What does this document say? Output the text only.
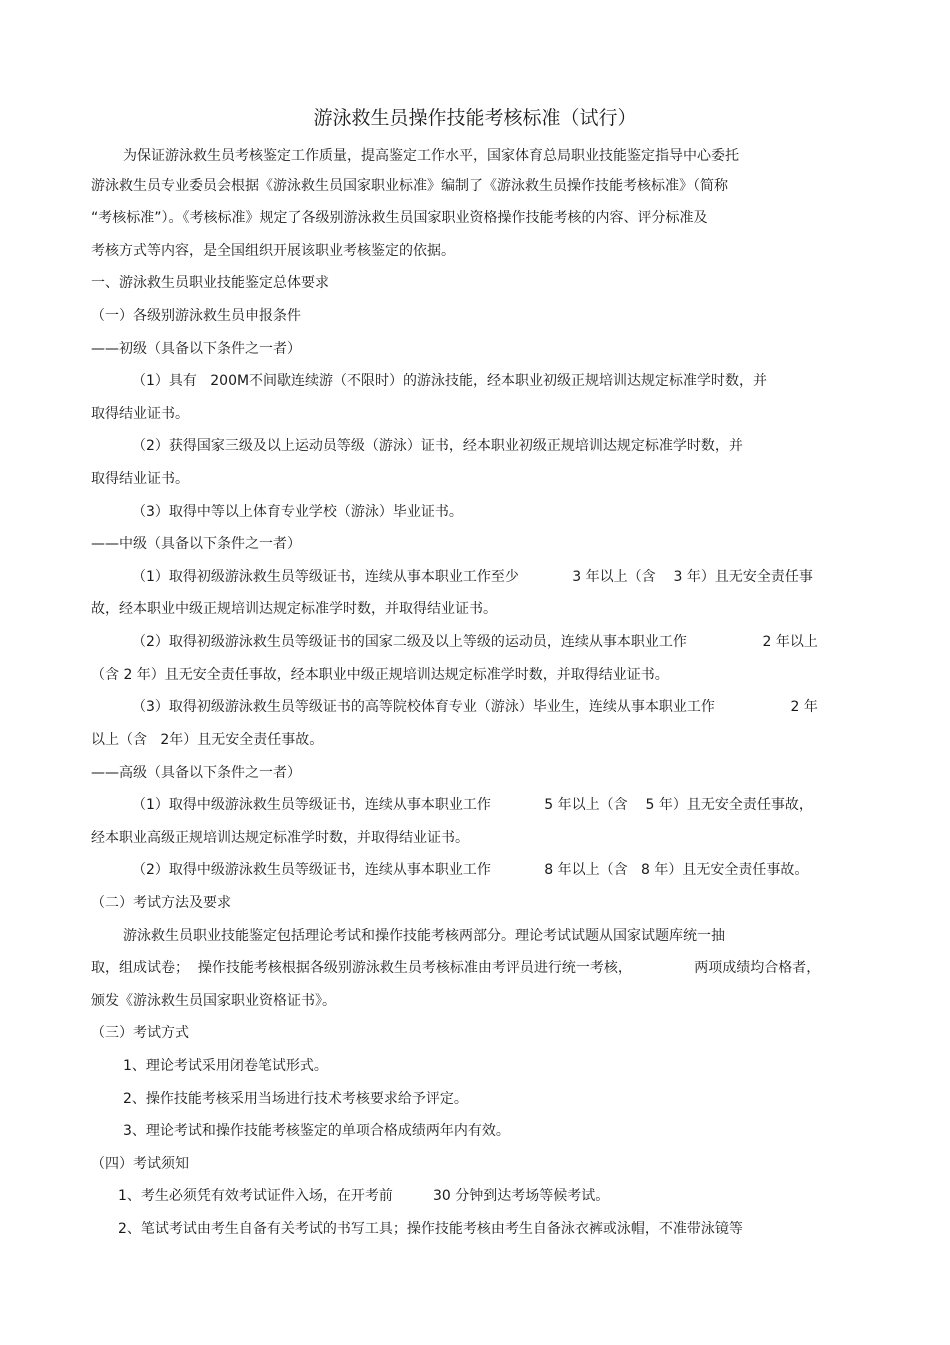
游泳救生员操作技能考核标准（试行）
为保证游泳救生员考核鉴定工作质量，提高鉴定工作水平，国家体育总局职业技能鉴定指导中心委托
游泳救生员专业委员会根据《游泳救生员国家职业标准》编制了《游泳救生员操作技能考核标准》（简称
“考核标准”）。《考核标准》规定了各级别游泳救生员国家职业资格操作技能考核的内容、评分标准及
考核方式等内容，是全国组织开展该职业考核鉴定的依据。
一、游泳救生员职业技能鉴定总体要求
（一）各级别游泳救生员申报条件
——初级（具备以下条件之一者）
（1）具有   200M不间歇连续游（不限时）的游泳技能，经本职业初级正规培训达规定标准学时数，并
取得结业证书。
（2）获得国家三级及以上运动员等级（游泳）证书，经本职业初级正规培训达规定标准学时数，并
取得结业证书。
（3）取得中等以上体育专业学校（游泳）毕业证书。
——中级（具备以下条件之一者）
（1）取得初级游泳救生员等级证书，连续从事本职业工作至少            3 年以上（含    3 年）且无安全责任事
故，经本职业中级正规培训达规定标准学时数，并取得结业证书。
（2）取得初级游泳救生员等级证书的国家二级及以上等级的运动员，连续从事本职业工作                 2 年以上
（含 2 年）且无安全责任事故，经本职业中级正规培训达规定标准学时数，并取得结业证书。
（3）取得初级游泳救生员等级证书的高等院校体育专业（游泳）毕业生，连续从事本职业工作                 2 年
以上（含   2年）且无安全责任事故。
——高级（具备以下条件之一者）
（1）取得中级游泳救生员等级证书，连续从事本职业工作            5 年以上（含    5 年）且无安全责任事故，
经本职业高级正规培训达规定标准学时数，并取得结业证书。
（2）取得中级游泳救生员等级证书，连续从事本职业工作            8 年以上（含   8 年）且无安全责任事故。
（二）考试方法及要求
游泳救生员职业技能鉴定包括理论考试和操作技能考核两部分。理论考试试题从国家试题库统一抽
取，组成试卷；  操作技能考核根据各级别游泳救生员考核标准由考评员进行统一考核，              两项成绩均合格者，
颁发《游泳救生员国家职业资格证书》。
（三）考试方式
1、理论考试采用闭卷笔试形式。
2、操作技能考核采用当场进行技术考核要求给予评定。
3、理论考试和操作技能考核鉴定的单项合格成绩两年内有效。
（四）考试须知
1、考生必须凭有效考试证件入场，在开考前         30 分钟到达考场等候考试。
2、笔试考试由考生自备有关考试的书写工具；操作技能考核由考生自备泳衣裤或泳帽，不准带泳镜等
